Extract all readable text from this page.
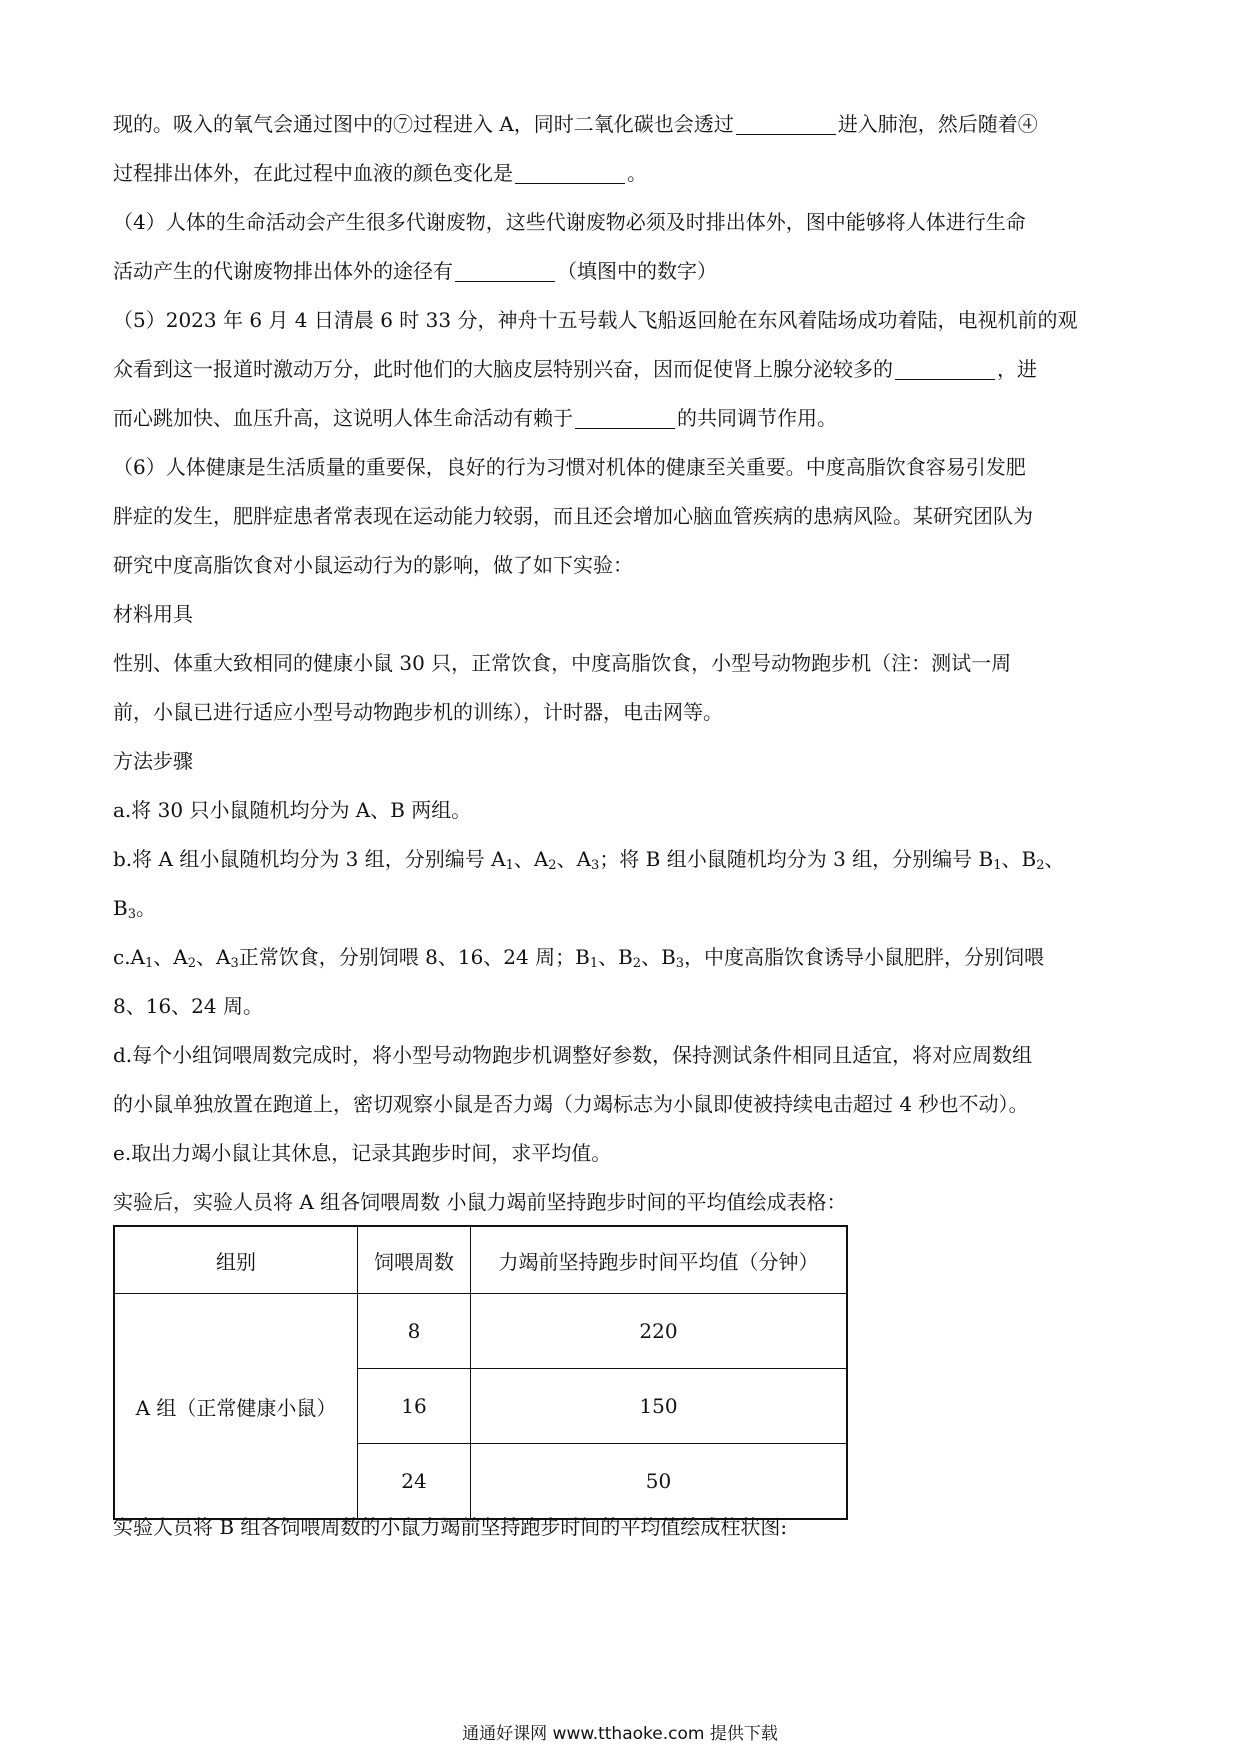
现的。吸入的氧气会通过图中的⑦过程进入 A，同时二氧化碳也会透过	进入肺泡，然后随着④

过程排出体外，在此过程中血液的颜色变化是	。

（4）人体的生命活动会产生很多代谢废物，这些代谢废物必须及时排出体外，图中能够将人体进行生命

活动产生的代谢废物排出体外的途径有	（填图中的数字）

（5）2023 年 6 月 4 日清晨 6 时 33 分，神舟十五号载人飞船返回舱在东风着陆场成功着陆，电视机前的观

众看到这一报道时激动万分，此时他们的大脑皮层特别兴奋，因而促使肾上腺分泌较多的	，进

而心跳加快、血压升高，这说明人体生命活动有赖于	的共同调节作用。

（6）人体健康是生活质量的重要保，良好的行为习惯对机体的健康至关重要。中度高脂饮食容易引发肥

胖症的发生，肥胖症患者常表现在运动能力较弱，而且还会增加心脑血管疾病的患病风险。某研究团队为

研究中度高脂饮食对小鼠运动行为的影响，做了如下实验：

材料用具

性别、体重大致相同的健康小鼠 30 只，正常饮食，中度高脂饮食，小型号动物跑步机（注：测试一周

前，小鼠已进行适应小型号动物跑步机的训练），计时器，电击网等。

方法步骤

a.将 30 只小鼠随机均分为 A、B 两组。

b.将 A 组小鼠随机均分为 3 组，分别编号 $A_1$、$A_2$、$A_3$；将 B 组小鼠随机均分为 3 组，分别编号 $B_1$、$B_2$、

$B_3$。

$c.A_1$、$A_2$、$A_3$正常饮食，分别饲喂 8、16、24 周；$B_1$、$B_2$、$B_3$，中度高脂饮食诱导小鼠肥胖，分别饲喂

8、16、24 周。

d.每个小组饲喂周数完成时，将小型号动物跑步机调整好参数，保持测试条件相同且适宜，将对应周数组

的小鼠单独放置在跑道上，密切观察小鼠是否力竭（力竭标志为小鼠即使被持续电击超过 4 秒也不动）。

e.取出力竭小鼠让其休息，记录其跑步时间，求平均值。

实验后，实验人员将 A 组各饲喂周数 小鼠力竭前坚持跑步时间的平均值绘成表格：

组别	饲喂周数	力竭前坚持跑步时间平均值（分钟）
A 组（正常健康小鼠）	8	220
	16	150
	24	50

实验人员将 B 组各饲喂周数的小鼠力竭前坚持跑步时间的平均值绘成柱状图:

通通好课网 www.tthaoke.com 提供下载
